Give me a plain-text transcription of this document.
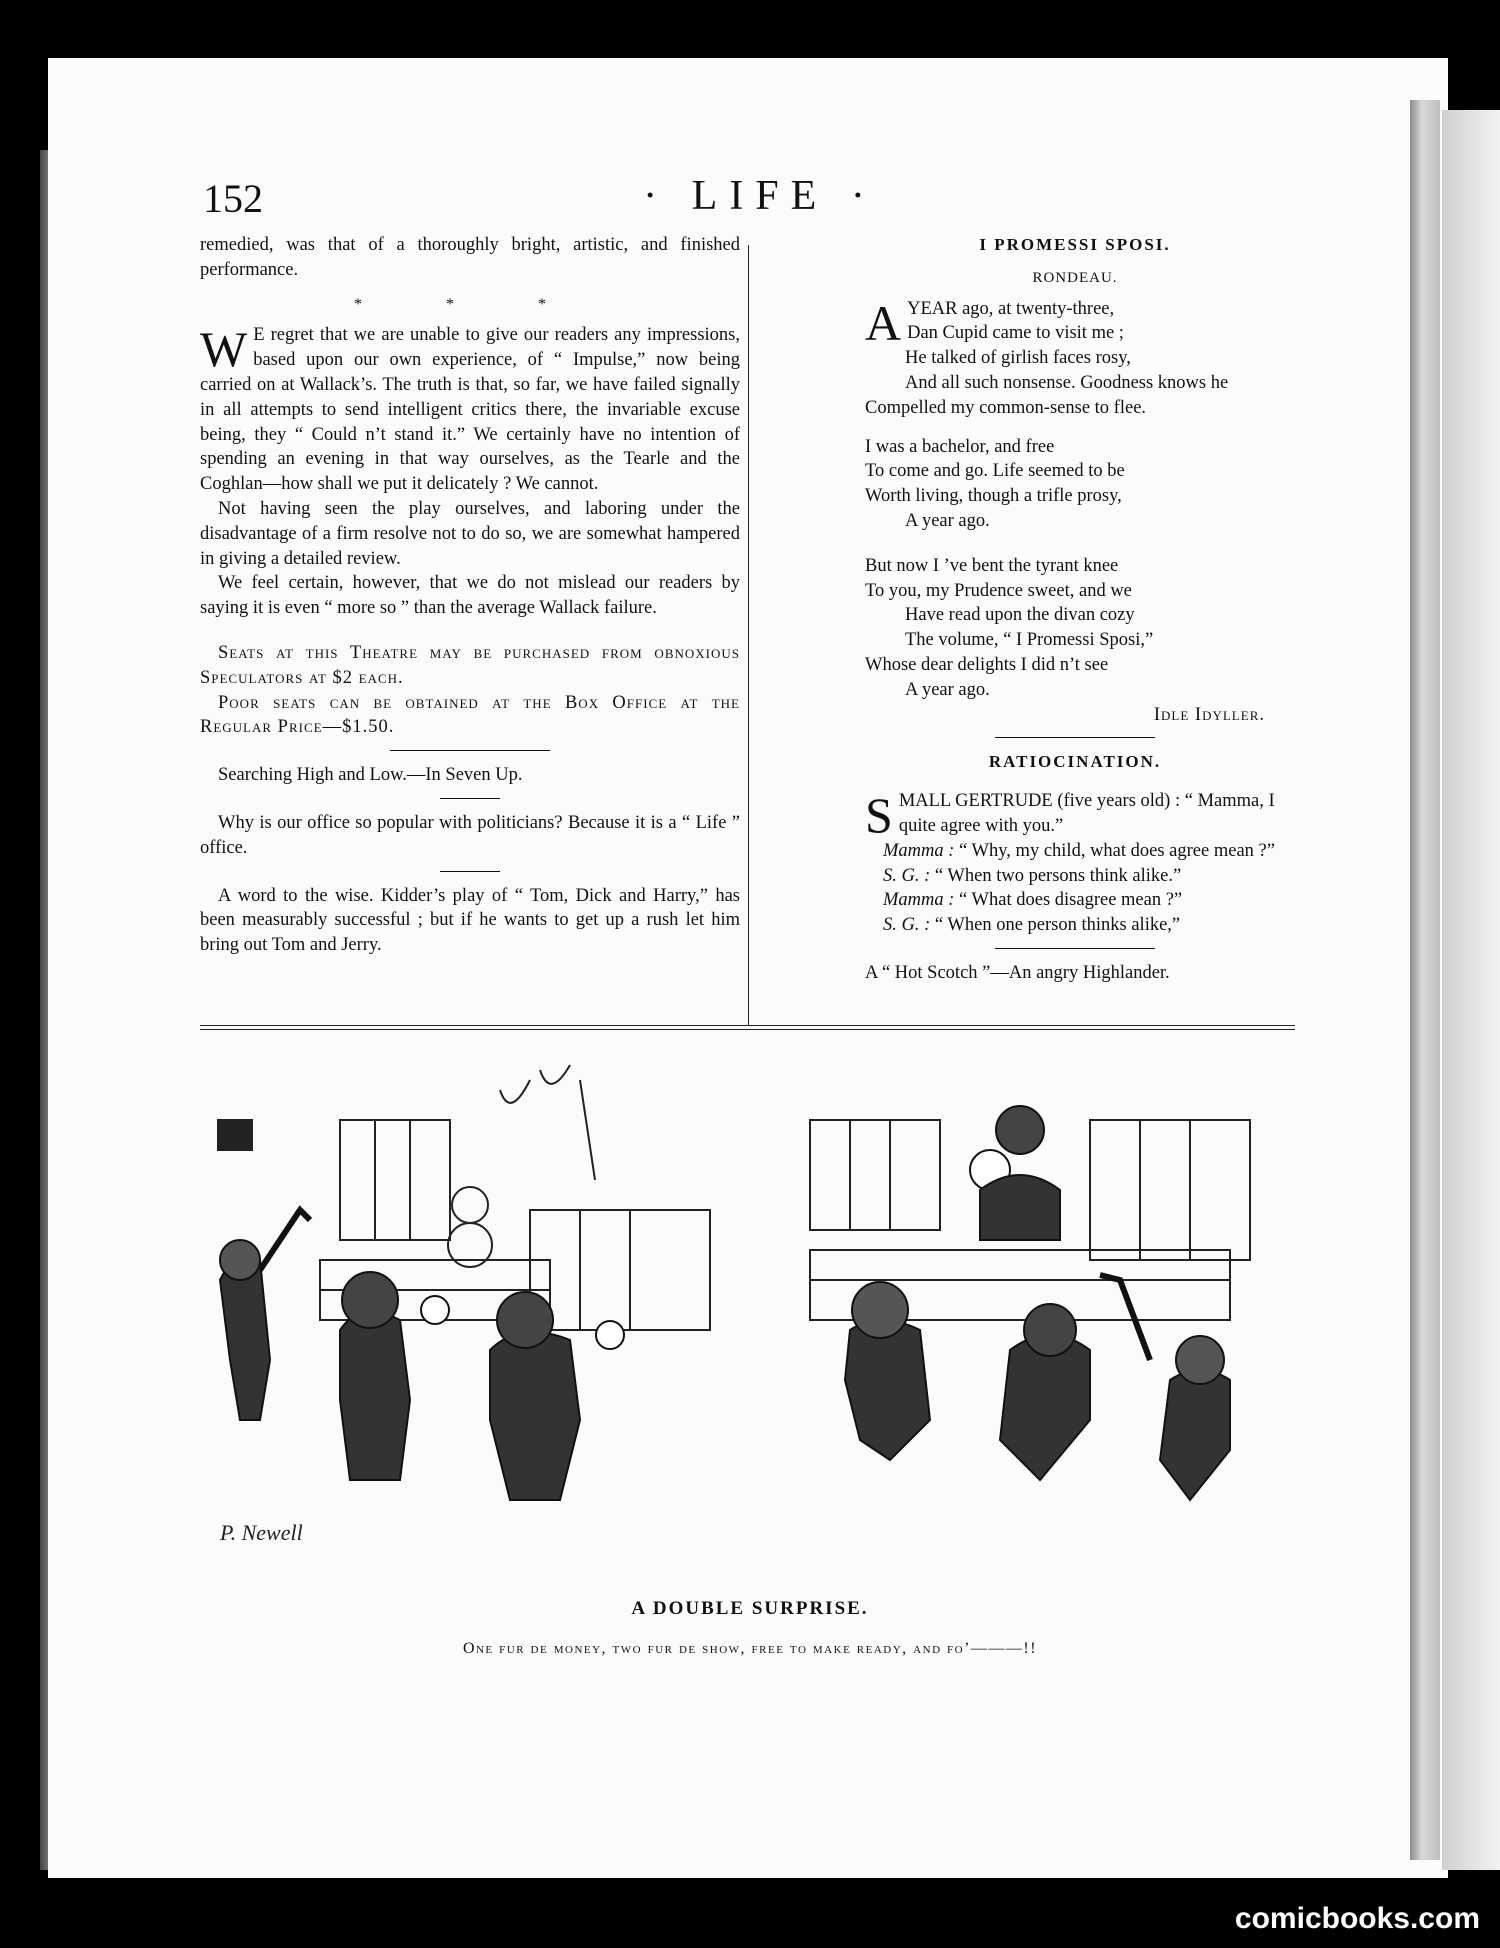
152	· LIFE ·

remedied, was that of a thoroughly bright, artistic, and finished performance.

* * *

W E regret that we are unable to give our readers any impressions, based upon our own experience, of “ Impulse,” now being carried on at Wallack’s. The truth is that, so far, we have failed signally in all attempts to send intelligent critics there, the invariable excuse being, they “ Could n’t stand it.” We certainly have no intention of spending an evening in that way ourselves, as the Tearle and the Coghlan—how shall we put it delicately ? We cannot.

Not having seen the play ourselves, and laboring under the disadvantage of a firm resolve not to do so, we are somewhat hampered in giving a detailed review.

We feel certain, however, that we do not mislead our readers by saying it is even “ more so ” than the average Wallack failure.

Seats at this Theatre may be purchased from obnoxious Speculators at $2 each.

Poor seats can be obtained at the Box Office at the Regular Price—$1.50.

Searching High and Low.—In Seven Up.

Why is our office so popular with politicians? Because it is a “ Life ” office.

A word to the wise. Kidder’s play of “ Tom, Dick and Harry,” has been measurably successful ; but if he wants to get up a rush let him bring out Tom and Jerry.

I PROMESSI SPOSI.
RONDEAU.
A YEAR ago, at twenty-three,
Dan Cupid came to visit me ;
He talked of girlish faces rosy,
And all such nonsense. Goodness knows he
Compelled my common-sense to flee.
I was a bachelor, and free
To come and go. Life seemed to be
Worth living, though a trifle prosy,
A year ago.
But now I ’ve bent the tyrant knee
To you, my Prudence sweet, and we
Have read upon the divan cozy
The volume, “ I Promessi Sposi,”
Whose dear delights I did n’t see
A year ago.
Idle Idyller.
RATIOCINATION.

SMALL GERTRUDE (five years old) : “ Mamma, I quite agree with you.”

Mamma : “ Why, my child, what does agree mean ?”
S. G. : “ When two persons think alike.”
Mamma : “ What does disagree mean ?”
S. G. : “ When one person thinks alike,”

A “ Hot Scotch ”—An angry Highlander.

P. Newell
A DOUBLE SURPRISE.
One fur de money, two fur de show, free to make ready, and fo’———!!
comicbooks.com
